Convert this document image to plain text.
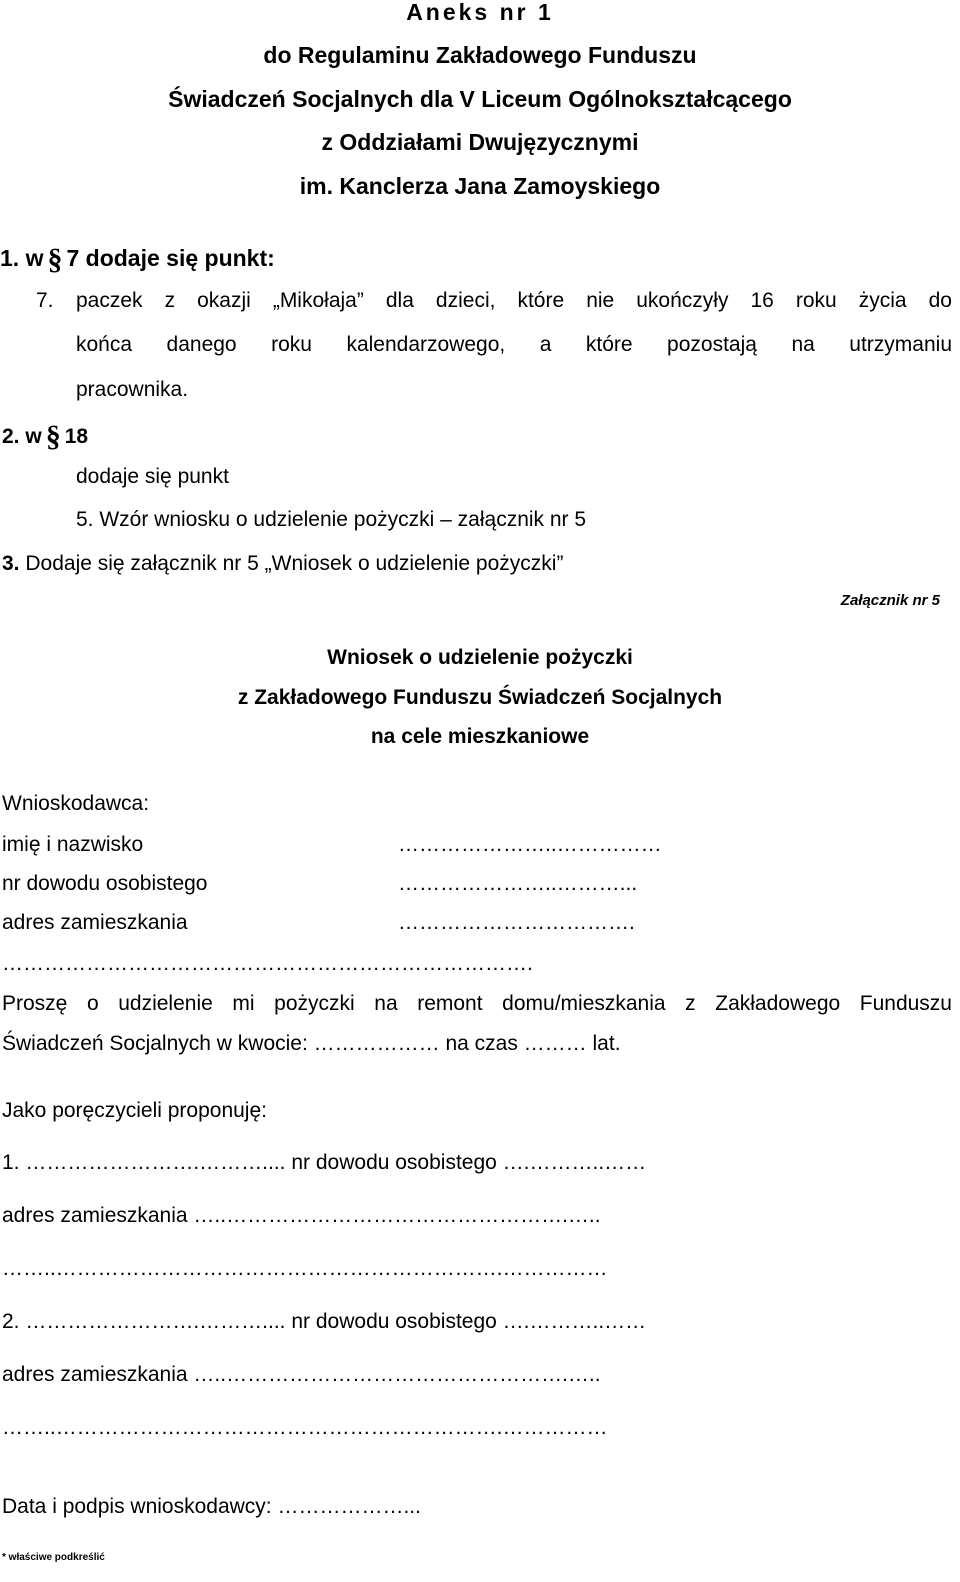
Aneks nr 1
do Regulaminu Zakładowego Funduszu
Świadczeń Socjalnych dla V Liceum Ogólnokształcącego
z Oddziałami Dwujęzycznymi
im. Kanclerza Jana Zamoyskiego
1. w § 7 dodaje się punkt:
7. paczek z okazji „Mikołaja” dla dzieci, które nie ukończyły 16 roku życia do
końca danego roku kalendarzowego, a które pozostają na utrzymaniu
pracownika.
2. w § 18
dodaje się punkt
5. Wzór wniosku o udzielenie pożyczki – załącznik nr 5
3. Dodaje się załącznik nr 5 „Wniosek o udzielenie pożyczki”
Załącznik nr 5
Wniosek o udzielenie pożyczki
z Zakładowego Funduszu Świadczeń Socjalnych
na cele mieszkaniowe
Wnioskodawca:
imię i nazwisko	…………………..……………
nr dowodu osobistego	…………………..………...
adres zamieszkania	…………………………….
………………………………………………………………….
Proszę o udzielenie mi pożyczki na remont domu/mieszkania z Zakładowego Funduszu
Świadczeń Socjalnych w kwocie: ……………… na czas ……… lat.
Jako poręczycieli proponuję:
1. …………………….……….... nr dowodu osobistego ….………..……
adres zamieszkania …..………………………………………….…..
……..……………………………………………………….……………
2. …………………….……….... nr dowodu osobistego ….………..……
adres zamieszkania …..………………………………………….…..
……..……………………………………………………….……………
Data i podpis wnioskodawcy: ………………...
* właściwe podkreślić
